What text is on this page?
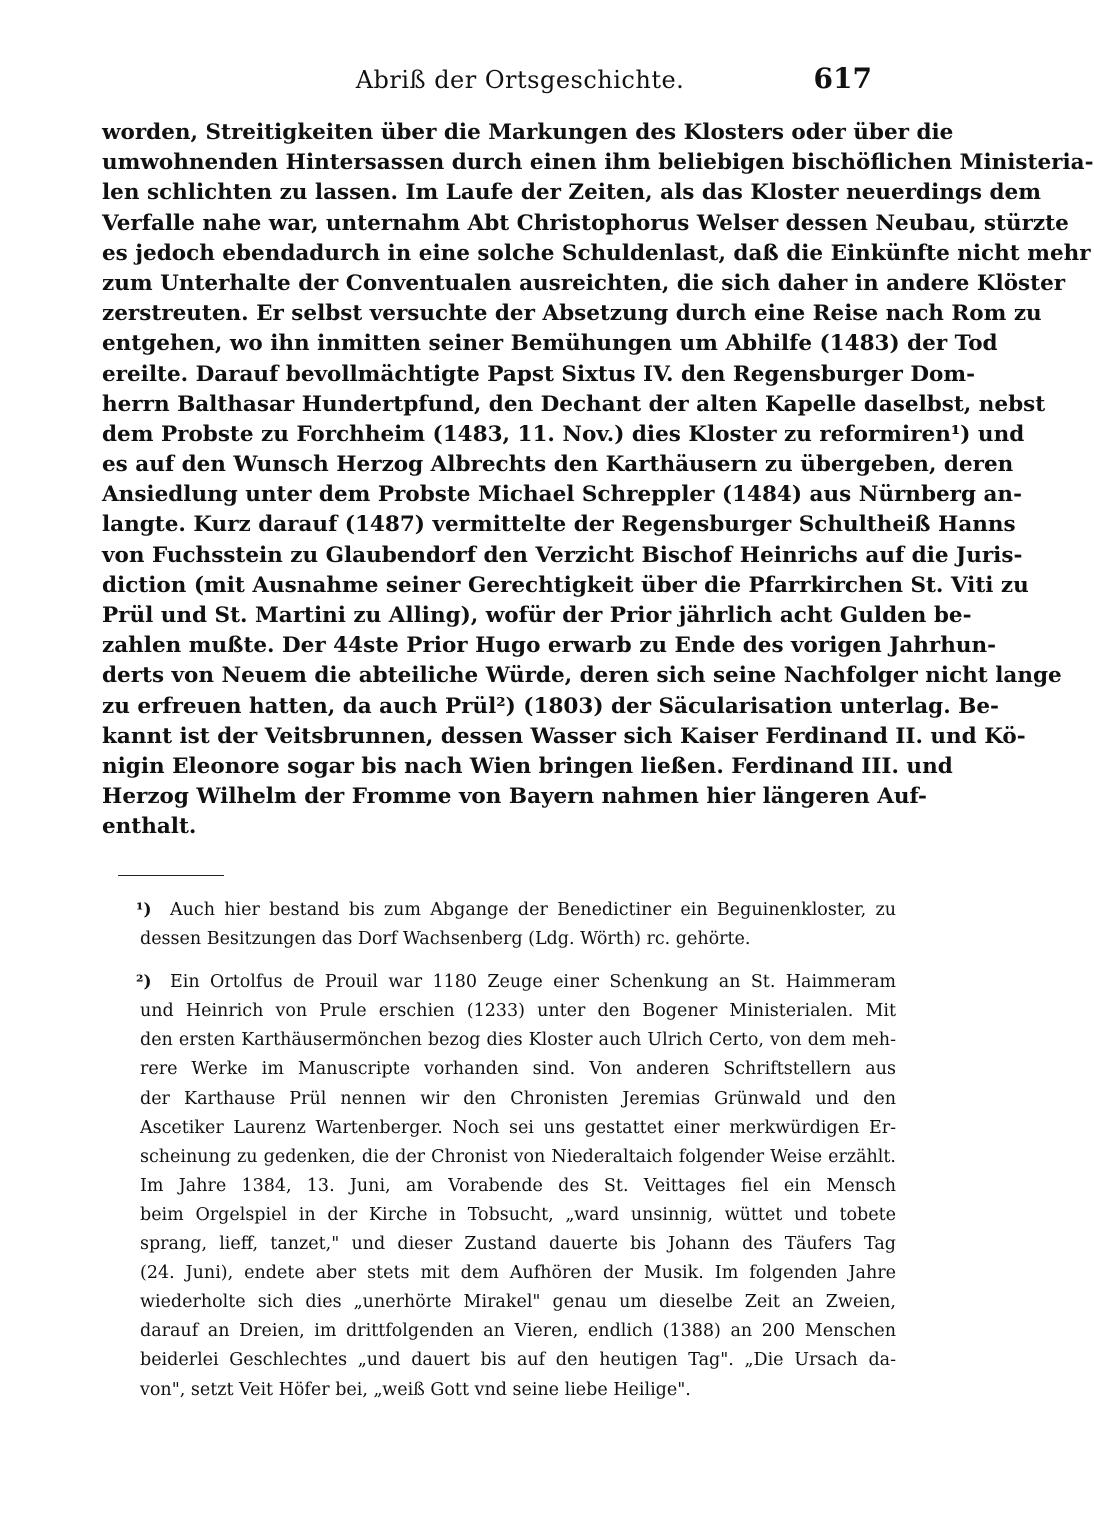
Abriß der Ortsgeschichte.	617
worden, Streitigkeiten über die Markungen des Klosters oder über die
umwohnenden Hintersassen durch einen ihm beliebigen bischöflichen Ministeria-
len schlichten zu lassen. Im Laufe der Zeiten, als das Kloster neuerdings dem
Verfalle nahe war, unternahm Abt Christophorus Welser dessen Neubau, stürzte
es jedoch ebendadurch in eine solche Schuldenlast, daß die Einkünfte nicht mehr
zum Unterhalte der Conventualen ausreichten, die sich daher in andere Klöster
zerstreuten. Er selbst versuchte der Absetzung durch eine Reise nach Rom zu
entgehen, wo ihn inmitten seiner Bemühungen um Abhilfe (1483) der Tod
ereilte. Darauf bevollmächtigte Papst Sixtus IV. den Regensburger Dom-
herrn Balthasar Hundertpfund, den Dechant der alten Kapelle daselbst, nebst
dem Probste zu Forchheim (1483, 11. Nov.) dies Kloster zu reformiren¹) und
es auf den Wunsch Herzog Albrechts den Karthäusern zu übergeben, deren
Ansiedlung unter dem Probste Michael Schreppler (1484) aus Nürnberg an-
langte. Kurz darauf (1487) vermittelte der Regensburger Schultheiß Hanns
von Fuchsstein zu Glaubendorf den Verzicht Bischof Heinrichs auf die Juris-
diction (mit Ausnahme seiner Gerechtigkeit über die Pfarrkirchen St. Viti zu
Prül und St. Martini zu Alling), wofür der Prior jährlich acht Gulden be-
zahlen mußte. Der 44ste Prior Hugo erwarb zu Ende des vorigen Jahrhun-
derts von Neuem die abteiliche Würde, deren sich seine Nachfolger nicht lange
zu erfreuen hatten, da auch Prül²) (1803) der Säcularisation unterlag. Be-
kannt ist der Veitsbrunnen, dessen Wasser sich Kaiser Ferdinand II. und Kö-
nigin Eleonore sogar bis nach Wien bringen ließen. Ferdinand III. und
Herzog Wilhelm der Fromme von Bayern nahmen hier längeren Auf-
enthalt.
¹)	Auch hier bestand bis zum Abgange der Benedictiner ein Beguinenkloster, zu
dessen Besitzungen das Dorf Wachsenberg (Ldg. Wörth) rc. gehörte.
²)	Ein Ortolfus de Prouil war 1180 Zeuge einer Schenkung an St. Haimmeram
und Heinrich von Prule erschien (1233) unter den Bogener Ministerialen. Mit
den ersten Karthäusermönchen bezog dies Kloster auch Ulrich Certo, von dem meh-
rere Werke im Manuscripte vorhanden sind. Von anderen Schriftstellern aus
der Karthause Prül nennen wir den Chronisten Jeremias Grünwald und den
Ascetiker Laurenz Wartenberger. Noch sei uns gestattet einer merkwürdigen Er-
scheinung zu gedenken, die der Chronist von Niederaltaich folgender Weise erzählt.
Im Jahre 1384, 13. Juni, am Vorabende des St. Veittages fiel ein Mensch
beim Orgelspiel in der Kirche in Tobsucht, „ward unsinnig, wüttet und tobete
sprang, lieff, tanzet," und dieser Zustand dauerte bis Johann des Täufers Tag
(24. Juni), endete aber stets mit dem Aufhören der Musik. Im folgenden Jahre
wiederholte sich dies „unerhörte Mirakel" genau um dieselbe Zeit an Zweien,
darauf an Dreien, im drittfolgenden an Vieren, endlich (1388) an 200 Menschen
beiderlei Geschlechtes „und dauert bis auf den heutigen Tag". „Die Ursach da-
von", setzt Veit Höfer bei, „weiß Gott vnd seine liebe Heilige".
